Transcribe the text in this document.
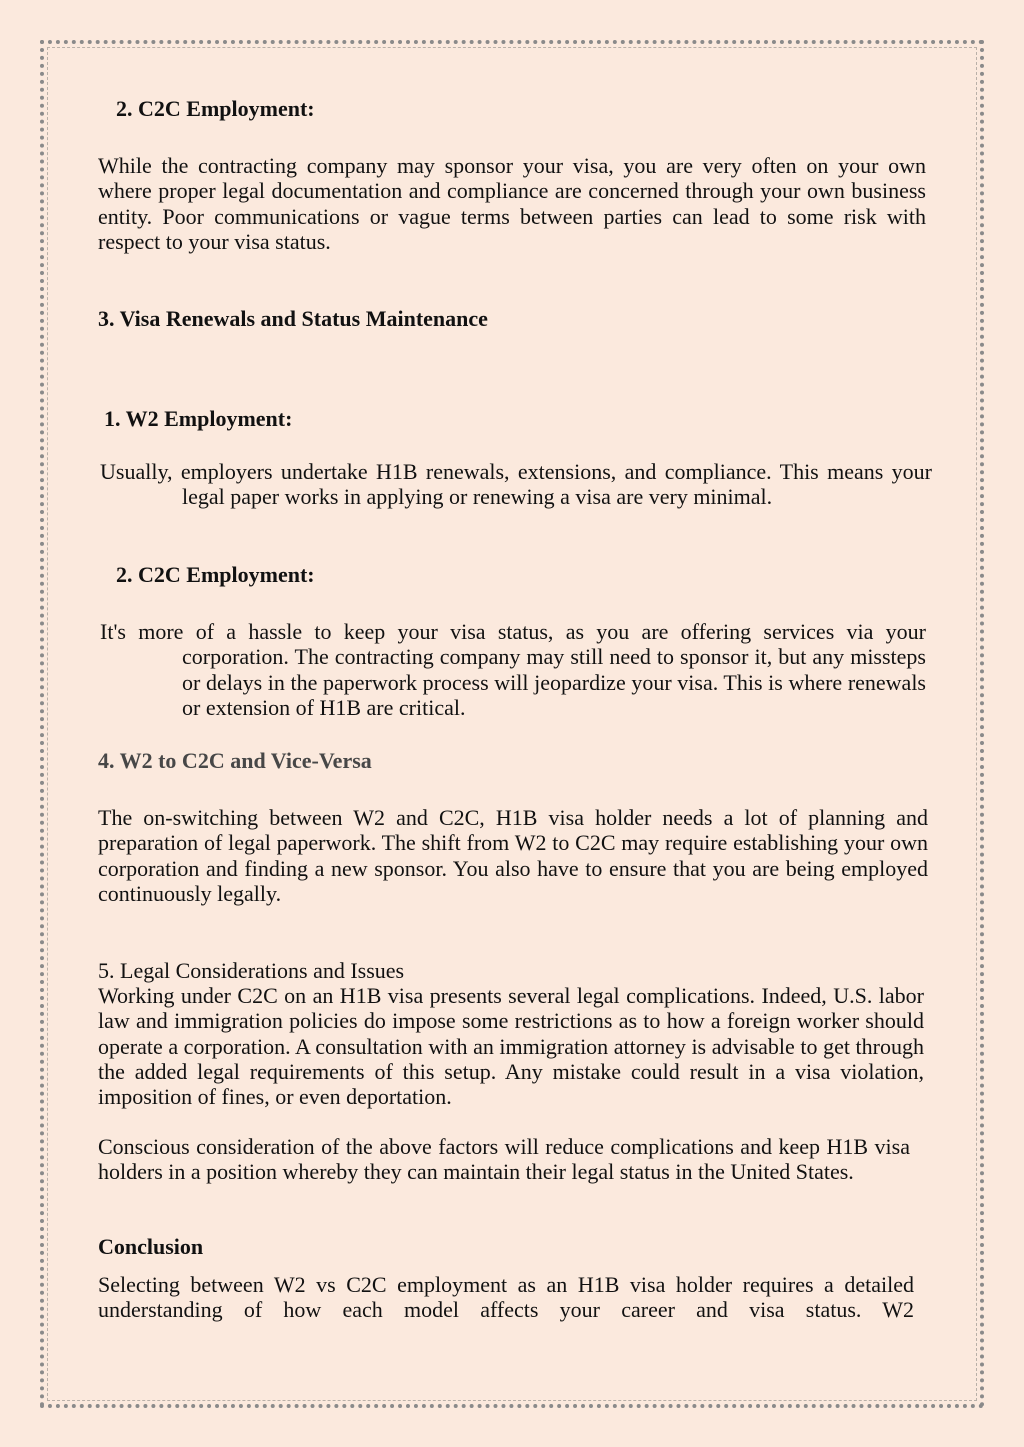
2. C2C Employment:
While the contracting company may sponsor your visa, you are very often on your own where proper legal documentation and compliance are concerned through your own business entity. Poor communications or vague terms between parties can lead to some risk with respect to your visa status.
3. Visa Renewals and Status Maintenance
1. W2 Employment:
Usually, employers undertake H1B renewals, extensions, and compliance. This means your legal paper works in applying or renewing a visa are very minimal.
2. C2C Employment:
It's more of a hassle to keep your visa status, as you are offering services via your corporation. The contracting company may still need to sponsor it, but any missteps or delays in the paperwork process will jeopardize your visa. This is where renewals or extension of H1B are critical.
4. W2 to C2C and Vice-Versa
The on-switching between W2 and C2C, H1B visa holder needs a lot of planning and preparation of legal paperwork. The shift from W2 to C2C may require establishing your own corporation and finding a new sponsor. You also have to ensure that you are being employed continuously legally.
5. Legal Considerations and Issues
Working under C2C on an H1B visa presents several legal complications. Indeed, U.S. labor law and immigration policies do impose some restrictions as to how a foreign worker should operate a corporation. A consultation with an immigration attorney is advisable to get through the added legal requirements of this setup. Any mistake could result in a visa violation, imposition of fines, or even deportation.
Conscious consideration of the above factors will reduce complications and keep H1B visa holders in a position whereby they can maintain their legal status in the United States.
Conclusion
Selecting between W2 vs C2C employment as an H1B visa holder requires a detailed understanding of how each model affects your career and visa status. W2
